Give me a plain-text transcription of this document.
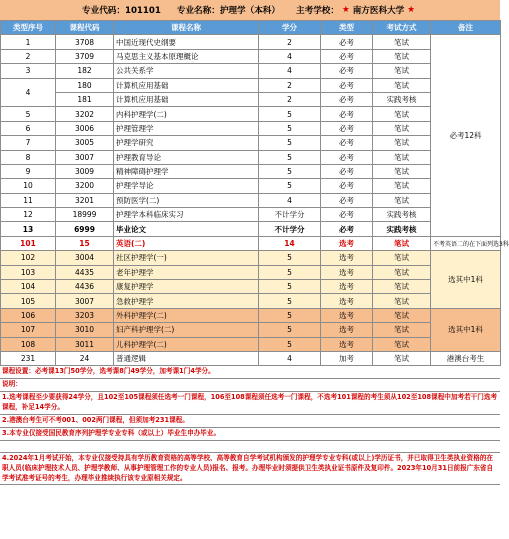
专业代码：101101 专业名称：护理学（本科） 主考学校： ★ 南方医科大学 ★
类型序号	课程代码	课程名称	学分	类型	考试方式	备注	
1	3708	中国近现代史纲要	2	必考	笔试	必考12科	
2	3709	马克思主义基本原理概论	4	必考	笔试		
3	182	公共关系学	4	必考	笔试		
4	180	计算机应用基础	2	必考	笔试		
	181	计算机应用基础	2	必考	实践考核		
5	3202	内科护理学(二)	5	必考	笔试		
6	3006	护理管理学	5	必考	笔试		
7	3005	护理学研究	5	必考	笔试		
8	3007	护理教育导论	5	必考	笔试		
9	3009	精神障碍护理学	5	必考	笔试		
10	3200	护理学导论	5	必考	笔试		
11	3201	预防医学(二)	4	必考	笔试		
12	18999	护理学本科临床实习	不计学分	必考	实践考核		
13	6999	毕业论文	不计学分	必考	实践考核	
101	15	英语(二)	14	选考	笔试	不考英语二的在下面列选3科	
102	3004	社区护理学(一)	5	选考	笔试	选其中1科	
103	4435	老年护理学	5	选考	笔试		
104	4436	康复护理学	5	选考	笔试		
105	3007	急救护理学	5	选考	笔试		
106	3203	外科护理学(二)	5	选考	笔试	选其中1科	
107	3010	妇产科护理学(二)	5	选考	笔试		
108	3011	儿科护理学(二)	5	选考	笔试		
231	24	普通逻辑	4	加考	笔试	港澳台考生	
课程设置：必考课13门50学分，选考课8门49学分，加考课1门4学分。
说明：
1.选考课程至少要获得24学分，且102至105课程须任选考一门课程，106至108课程须任选考一门课程，不选考101课程的考生须从102至108课程中加考若干门选考课程，补足14学分。
2.港澳台考生可不考001、002两门课程，但须加考231课程。
3.本专业仅接受国民教育序列护理学专业专科（或以上）毕业生申办毕业。
4.2024年1月考试开始，本专业仅接受持具有学历教育资格的高等学校、高等教育自学考试机构颁发的护理学专业专科(或以上)学历证书，并已取得卫生类执业资格的在职人员(临床护理技术人员、护理学教师、从事护理管理工作的专业人员)报名、报考。办理毕业时须提供卫生类执业证书原件及复印件。2023年10月31日前报广东省自学考试准考证号的考生，办理毕业推续执行该专业原相关规定。
